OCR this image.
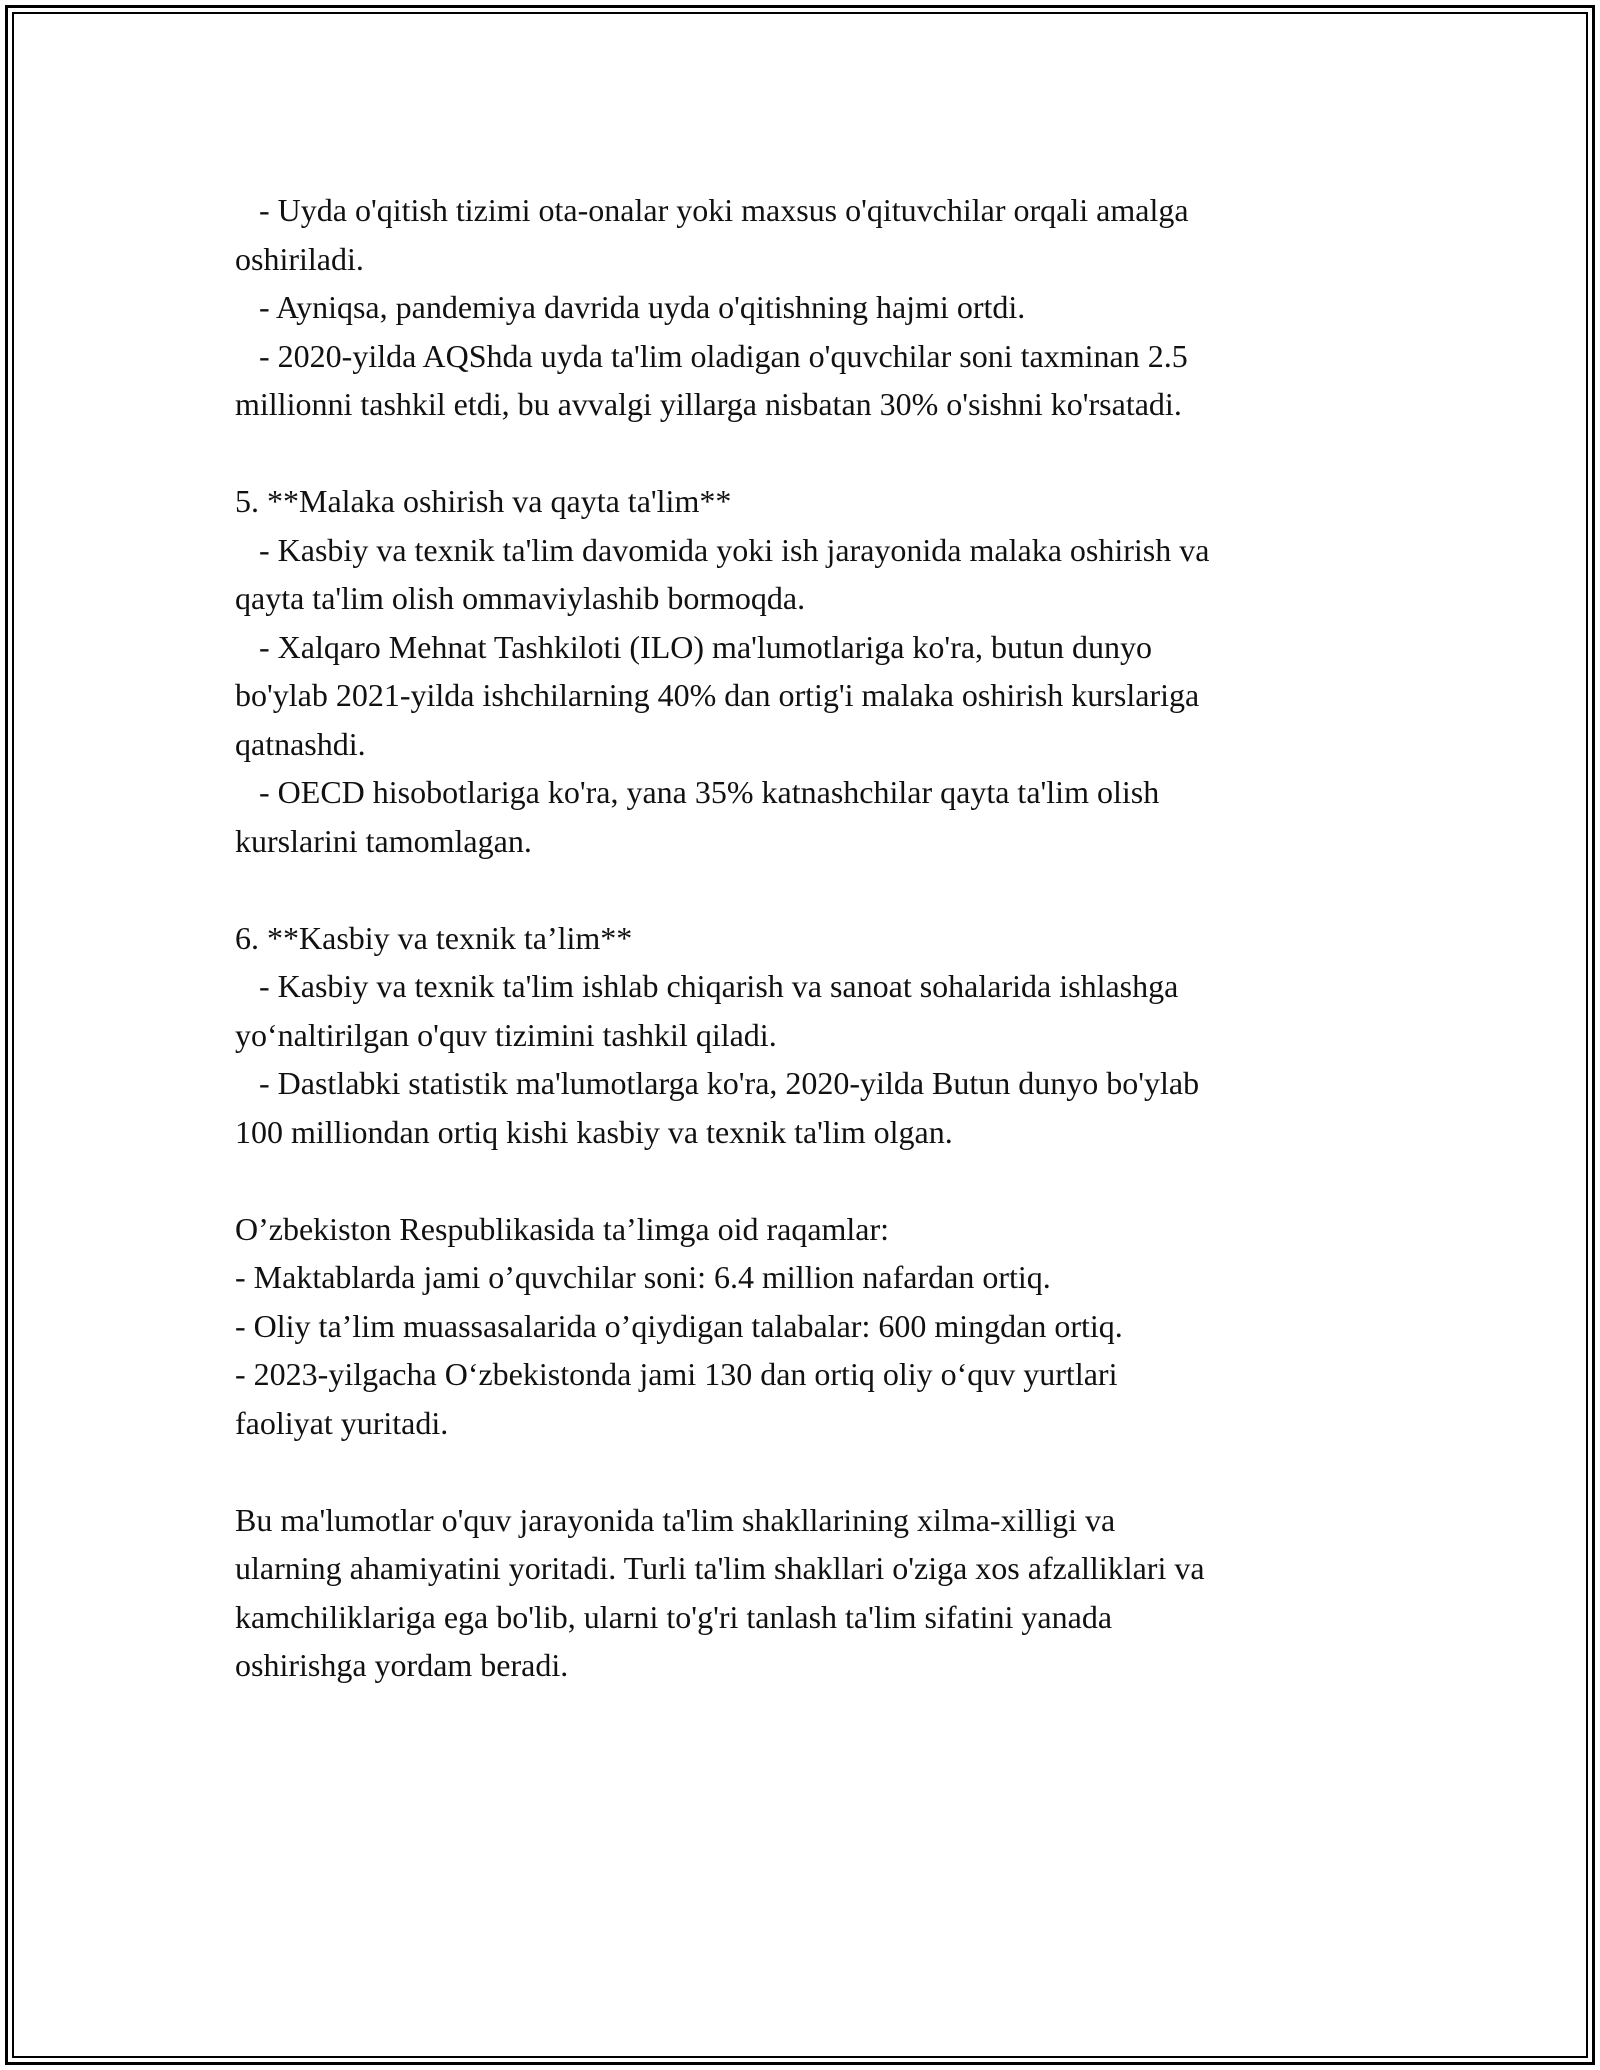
- Uyda o'qitish tizimi ota-onalar yoki maxsus o'qituvchilar orqali amalga
oshiriladi.
- Ayniqsa, pandemiya davrida uyda o'qitishning hajmi ortdi.
- 2020-yilda AQShda uyda ta'lim oladigan o'quvchilar soni taxminan 2.5
millionni tashkil etdi, bu avvalgi yillarga nisbatan 30% o'sishni ko'rsatadi.
5. **Malaka oshirish va qayta ta'lim**
- Kasbiy va texnik ta'lim davomida yoki ish jarayonida malaka oshirish va
qayta ta'lim olish ommaviylashib bormoqda.
- Xalqaro Mehnat Tashkiloti (ILO) ma'lumotlariga ko'ra, butun dunyo
bo'ylab 2021-yilda ishchilarning 40% dan ortig'i malaka oshirish kurslariga
qatnashdi.
- OECD hisobotlariga ko'ra, yana 35% katnashchilar qayta ta'lim olish
kurslarini tamomlagan.
6. **Kasbiy va texnik ta’lim**
- Kasbiy va texnik ta'lim ishlab chiqarish va sanoat sohalarida ishlashga
yo‘naltirilgan o'quv tizimini tashkil qiladi.
- Dastlabki statistik ma'lumotlarga ko'ra, 2020-yilda Butun dunyo bo'ylab
100 milliondan ortiq kishi kasbiy va texnik ta'lim olgan.
O’zbekiston Respublikasida ta’limga oid raqamlar:
- Maktablarda jami o’quvchilar soni: 6.4 million nafardan ortiq.
- Oliy ta’lim muassasalarida o’qiydigan talabalar: 600 mingdan ortiq.
- 2023-yilgacha O‘zbekistonda jami 130 dan ortiq oliy o‘quv yurtlari
faoliyat yuritadi.
Bu ma'lumotlar o'quv jarayonida ta'lim shakllarining xilma-xilligi va
ularning ahamiyatini yoritadi. Turli ta'lim shakllari o'ziga xos afzalliklari va
kamchiliklariga ega bo'lib, ularni to'g'ri tanlash ta'lim sifatini yanada
oshirishga yordam beradi.
